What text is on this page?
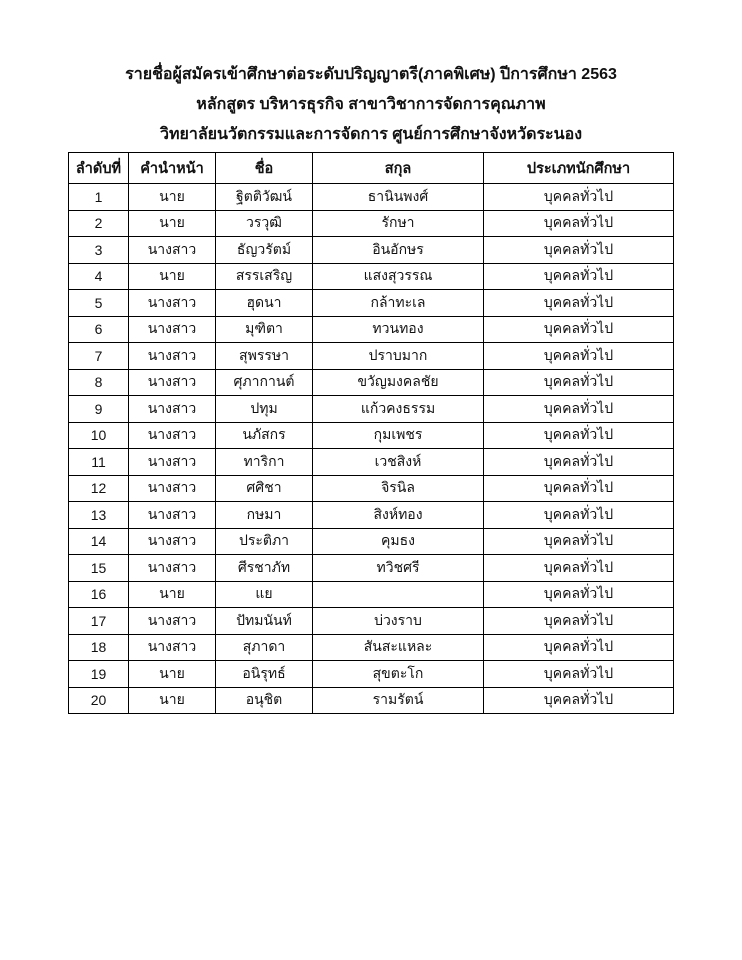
รายชื่อผู้สมัครเข้าศึกษาต่อระดับปริญญาตรี(ภาคพิเศษ) ปีการศึกษา 2563
หลักสูตร บริหารธุรกิจ สาขาวิชาการจัดการคุณภาพ
วิทยาลัยนวัตกรรมและการจัดการ ศูนย์การศึกษาจังหวัดระนอง
ลำดับที่	คำนำหน้า	ชื่อ	สกุล	ประเภทนักศึกษา
1	นาย	ฐิตติวัฒน์	ธานินพงศ์	บุคคลทั่วไป
2	นาย	วรวุฒิ	รักษา	บุคคลทั่วไป
3	นางสาว	ธัญวรัตม์	อินอักษร	บุคคลทั่วไป
4	นาย	สรรเสริญ	แสงสุวรรณ	บุคคลทั่วไป
5	นางสาว	ฮุดนา	กล้าทะเล	บุคคลทั่วไป
6	นางสาว	มุฑิตา	ทวนทอง	บุคคลทั่วไป
7	นางสาว	สุพรรษา	ปราบมาก	บุคคลทั่วไป
8	นางสาว	ศุภากานต์	ขวัญมงคลชัย	บุคคลทั่วไป
9	นางสาว	ปทุม	แก้วคงธรรม	บุคคลทั่วไป
10	นางสาว	นภัสกร	กุมเพชร	บุคคลทั่วไป
11	นางสาว	ทาริกา	เวชสิงห์	บุคคลทั่วไป
12	นางสาว	ศศิชา	จิรนิล	บุคคลทั่วไป
13	นางสาว	กษมา	สิงห์ทอง	บุคคลทั่วไป
14	นางสาว	ประติภา	คุมธง	บุคคลทั่วไป
15	นางสาว	ศีรชาภัท	ทวิชศรี	บุคคลทั่วไป
16	นาย	แย		บุคคลทั่วไป
17	นางสาว	ปัทมนันท์	บ่วงราบ	บุคคลทั่วไป
18	นางสาว	สุภาดา	สันสะแหละ	บุคคลทั่วไป
19	นาย	อนิรุทธ์	สุขตะโก	บุคคลทั่วไป
20	นาย	อนุชิต	รามรัตน์	บุคคลทั่วไป
